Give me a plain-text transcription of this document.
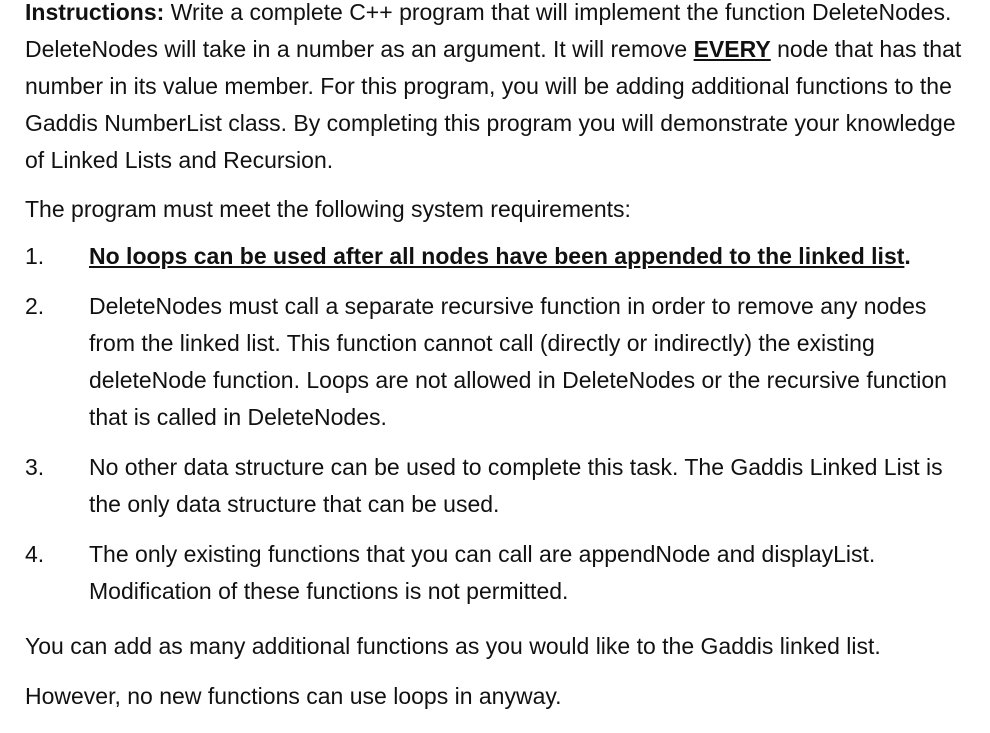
Instructions: Write a complete C++ program that will implement the function DeleteNodes. DeleteNodes will take in a number as an argument. It will remove EVERY node that has that number in its value member. For this program, you will be adding additional functions to the Gaddis NumberList class. By completing this program you will demonstrate your knowledge of Linked Lists and Recursion.

The program must meet the following system requirements:

1.	No loops can be used after all nodes have been appended to the linked list.
2.	DeleteNodes must call a separate recursive function in order to remove any nodes from the linked list. This function cannot call (directly or indirectly) the existing deleteNode function. Loops are not allowed in DeleteNodes or the recursive function that is called in DeleteNodes.
3.	No other data structure can be used to complete this task. The Gaddis Linked List is the only data structure that can be used.
4.	The only existing functions that you can call are appendNode and displayList. Modification of these functions is not permitted.

You can add as many additional functions as you would like to the Gaddis linked list. However, no new functions can use loops in anyway.
